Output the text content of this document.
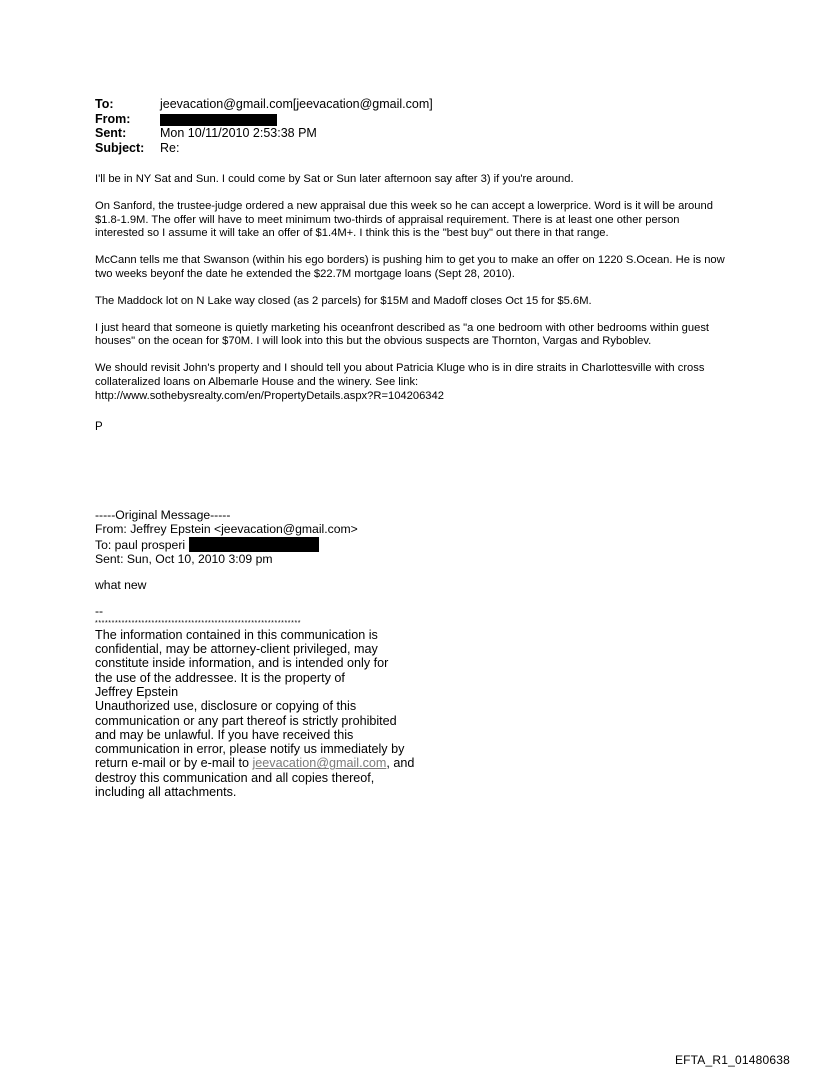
To:	jeevacation@gmail.com[jeevacation@gmail.com]
From:
Sent:	Mon 10/11/2010 2:53:38 PM
Subject:	Re:

I'll be in NY Sat and Sun. I could come by Sat or Sun later afternoon say after 3) if you're around.

On Sanford, the trustee-judge ordered a new appraisal due this week so he can accept a lowerprice. Word is it will be around $1.8-1.9M. The offer will have to meet minimum two-thirds of appraisal requirement. There is at least one other person interested so I assume it will take an offer of $1.4M+. I think this is the "best buy" out there in that range.

McCann tells me that Swanson (within his ego borders) is pushing him to get you to make an offer on 1220 S.Ocean. He is now two weeks beyonf the date he extended the $22.7M mortgage loans (Sept 28, 2010).

The Maddock lot on N Lake way closed (as 2 parcels) for $15M and Madoff closes Oct 15 for $5.6M.

I just heard that someone is quietly marketing his oceanfront described as "a one bedroom with other bedrooms within guest houses" on the ocean for $70M. I will look into this but the obvious suspects are Thornton, Vargas and Ryboblev.

We should revisit John's property and I should tell you about Patricia Kluge who is in dire straits in Charlottesville with cross collateralized loans on Albemarle House and the winery. See link:

http://www.sothebysrealty.com/en/PropertyDetails.aspx?R=104206342

P
-----Original Message-----
From: Jeffrey Epstein <jeevacation@gmail.com>
To: paul prosperi
Sent: Sun, Oct 10, 2010 3:09 pm
what new
--
**************************************************************
The information contained in this communication is
confidential, may be attorney-client privileged, may
constitute inside information, and is intended only for
the use of the addressee. It is the property of
Jeffrey Epstein
Unauthorized use, disclosure or copying of this
communication or any part thereof is strictly prohibited
and may be unlawful. If you have received this
communication in error, please notify us immediately by
return e-mail or by e-mail to jeevacation@gmail.com, and
destroy this communication and all copies thereof,
including all attachments.
EFTA_R1_01480638
